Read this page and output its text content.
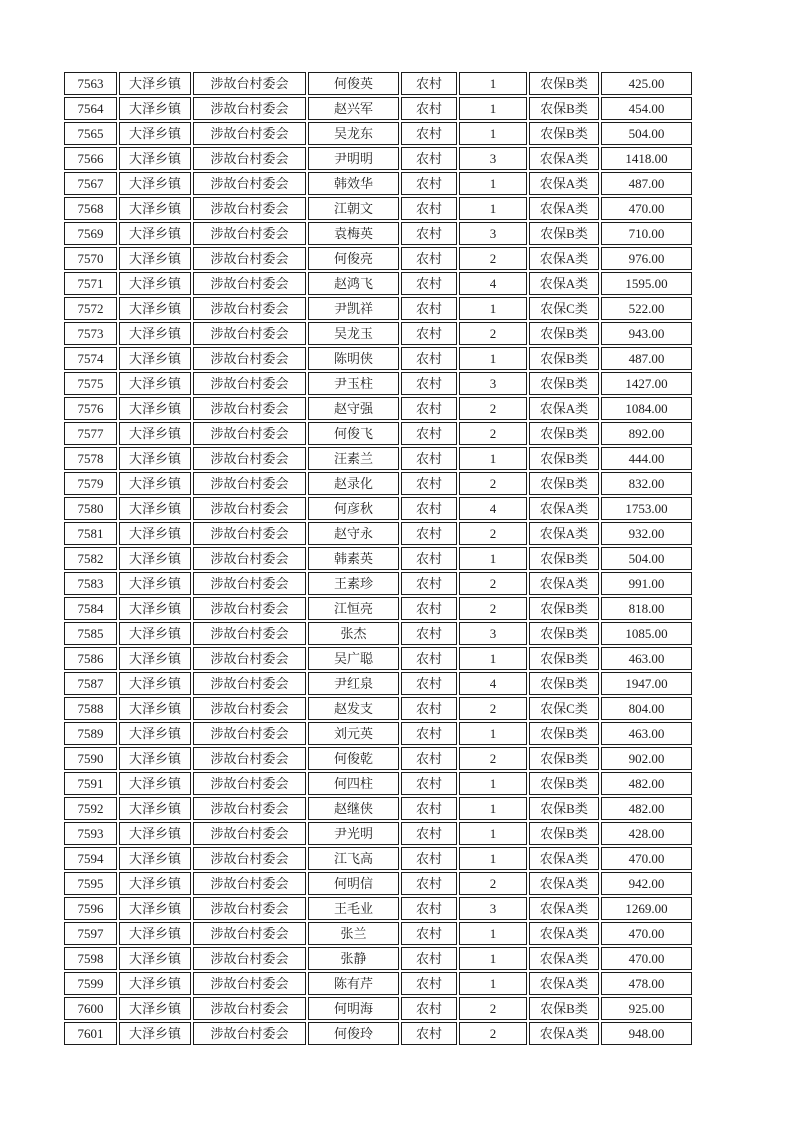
7563	大泽乡镇	涉故台村委会	何俊英	农村	1	农保B类	425.00
7564	大泽乡镇	涉故台村委会	赵兴军	农村	1	农保B类	454.00
7565	大泽乡镇	涉故台村委会	吴龙东	农村	1	农保B类	504.00
7566	大泽乡镇	涉故台村委会	尹明明	农村	3	农保A类	1418.00
7567	大泽乡镇	涉故台村委会	韩效华	农村	1	农保A类	487.00
7568	大泽乡镇	涉故台村委会	江朝文	农村	1	农保A类	470.00
7569	大泽乡镇	涉故台村委会	袁梅英	农村	3	农保B类	710.00
7570	大泽乡镇	涉故台村委会	何俊亮	农村	2	农保A类	976.00
7571	大泽乡镇	涉故台村委会	赵鸿飞	农村	4	农保A类	1595.00
7572	大泽乡镇	涉故台村委会	尹凯祥	农村	1	农保C类	522.00
7573	大泽乡镇	涉故台村委会	吴龙玉	农村	2	农保B类	943.00
7574	大泽乡镇	涉故台村委会	陈明侠	农村	1	农保B类	487.00
7575	大泽乡镇	涉故台村委会	尹玉柱	农村	3	农保B类	1427.00
7576	大泽乡镇	涉故台村委会	赵守强	农村	2	农保A类	1084.00
7577	大泽乡镇	涉故台村委会	何俊飞	农村	2	农保B类	892.00
7578	大泽乡镇	涉故台村委会	汪素兰	农村	1	农保B类	444.00
7579	大泽乡镇	涉故台村委会	赵录化	农村	2	农保B类	832.00
7580	大泽乡镇	涉故台村委会	何彦秋	农村	4	农保A类	1753.00
7581	大泽乡镇	涉故台村委会	赵守永	农村	2	农保A类	932.00
7582	大泽乡镇	涉故台村委会	韩素英	农村	1	农保B类	504.00
7583	大泽乡镇	涉故台村委会	王素珍	农村	2	农保A类	991.00
7584	大泽乡镇	涉故台村委会	江恒亮	农村	2	农保B类	818.00
7585	大泽乡镇	涉故台村委会	张杰	农村	3	农保B类	1085.00
7586	大泽乡镇	涉故台村委会	吴广聪	农村	1	农保B类	463.00
7587	大泽乡镇	涉故台村委会	尹红泉	农村	4	农保B类	1947.00
7588	大泽乡镇	涉故台村委会	赵发支	农村	2	农保C类	804.00
7589	大泽乡镇	涉故台村委会	刘元英	农村	1	农保B类	463.00
7590	大泽乡镇	涉故台村委会	何俊乾	农村	2	农保B类	902.00
7591	大泽乡镇	涉故台村委会	何四柱	农村	1	农保B类	482.00
7592	大泽乡镇	涉故台村委会	赵继侠	农村	1	农保B类	482.00
7593	大泽乡镇	涉故台村委会	尹光明	农村	1	农保B类	428.00
7594	大泽乡镇	涉故台村委会	江飞高	农村	1	农保A类	470.00
7595	大泽乡镇	涉故台村委会	何明信	农村	2	农保A类	942.00
7596	大泽乡镇	涉故台村委会	王毛业	农村	3	农保A类	1269.00
7597	大泽乡镇	涉故台村委会	张兰	农村	1	农保A类	470.00
7598	大泽乡镇	涉故台村委会	张静	农村	1	农保A类	470.00
7599	大泽乡镇	涉故台村委会	陈有芹	农村	1	农保A类	478.00
7600	大泽乡镇	涉故台村委会	何明海	农村	2	农保B类	925.00
7601	大泽乡镇	涉故台村委会	何俊玲	农村	2	农保A类	948.00
